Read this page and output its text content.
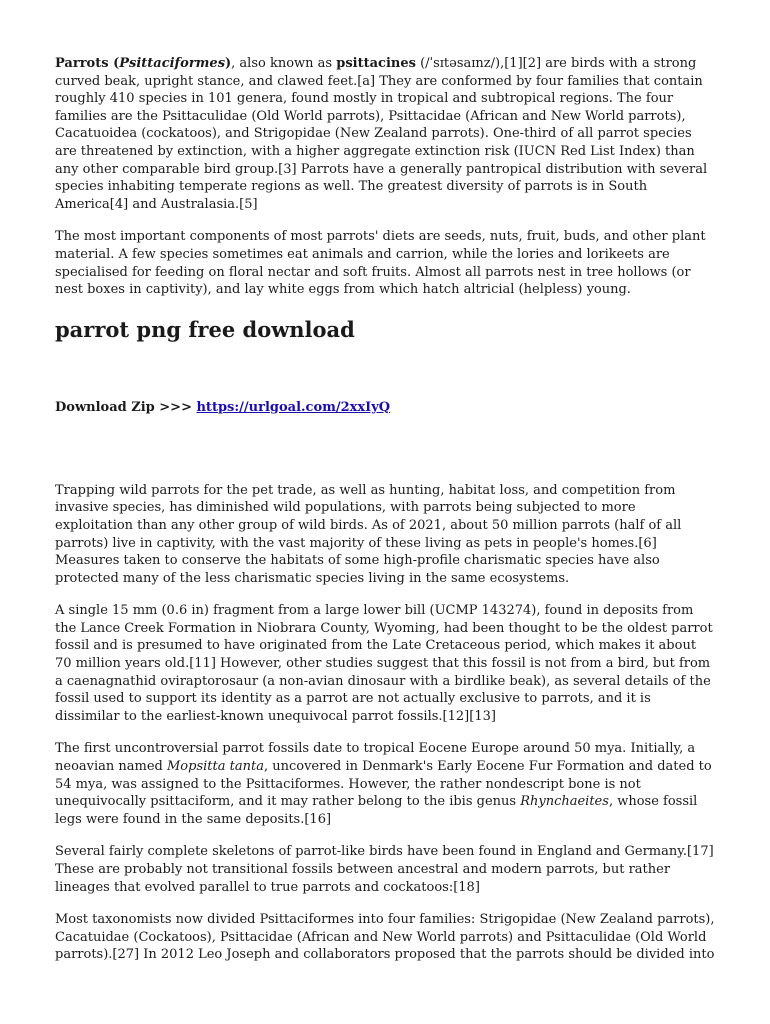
Parrots (Psittaciformes), also known as psittacines (/ˈsɪtəsaɪnz/),[1][2] are birds with a strong curved beak, upright stance, and clawed feet.[a] They are conformed by four families that contain roughly 410 species in 101 genera, found mostly in tropical and subtropical regions. The four families are the Psittaculidae (Old World parrots), Psittacidae (African and New World parrots), Cacatuoidea (cockatoos), and Strigopidae (New Zealand parrots). One-third of all parrot species are threatened by extinction, with a higher aggregate extinction risk (IUCN Red List Index) than any other comparable bird group.[3] Parrots have a generally pantropical distribution with several species inhabiting temperate regions as well. The greatest diversity of parrots is in South America[4] and Australasia.[5]

The most important components of most parrots' diets are seeds, nuts, fruit, buds, and other plant material. A few species sometimes eat animals and carrion, while the lories and lorikeets are specialised for feeding on floral nectar and soft fruits. Almost all parrots nest in tree hollows (or nest boxes in captivity), and lay white eggs from which hatch altricial (helpless) young.

parrot png free download
Download Zip >>> https://urlgoal.com/2xxIyQ

Trapping wild parrots for the pet trade, as well as hunting, habitat loss, and competition from invasive species, has diminished wild populations, with parrots being subjected to more exploitation than any other group of wild birds. As of 2021, about 50 million parrots (half of all parrots) live in captivity, with the vast majority of these living as pets in people's homes.[6] Measures taken to conserve the habitats of some high-profile charismatic species have also protected many of the less charismatic species living in the same ecosystems.

A single 15 mm (0.6 in) fragment from a large lower bill (UCMP 143274), found in deposits from the Lance Creek Formation in Niobrara County, Wyoming, had been thought to be the oldest parrot fossil and is presumed to have originated from the Late Cretaceous period, which makes it about 70 million years old.[11] However, other studies suggest that this fossil is not from a bird, but from a caenagnathid oviraptorosaur (a non-avian dinosaur with a birdlike beak), as several details of the fossil used to support its identity as a parrot are not actually exclusive to parrots, and it is dissimilar to the earliest-known unequivocal parrot fossils.[12][13]

The first uncontroversial parrot fossils date to tropical Eocene Europe around 50 mya. Initially, a neoavian named Mopsitta tanta, uncovered in Denmark's Early Eocene Fur Formation and dated to 54 mya, was assigned to the Psittaciformes. However, the rather nondescript bone is not unequivocally psittaciform, and it may rather belong to the ibis genus Rhynchaeites, whose fossil legs were found in the same deposits.[16]

Several fairly complete skeletons of parrot-like birds have been found in England and Germany.[17] These are probably not transitional fossils between ancestral and modern parrots, but rather lineages that evolved parallel to true parrots and cockatoos:[18]

Most taxonomists now divided Psittaciformes into four families: Strigopidae (New Zealand parrots), Cacatuidae (Cockatoos), Psittacidae (African and New World parrots) and Psittaculidae (Old World parrots).[27] In 2012 Leo Joseph and collaborators proposed that the parrots should be divided into
